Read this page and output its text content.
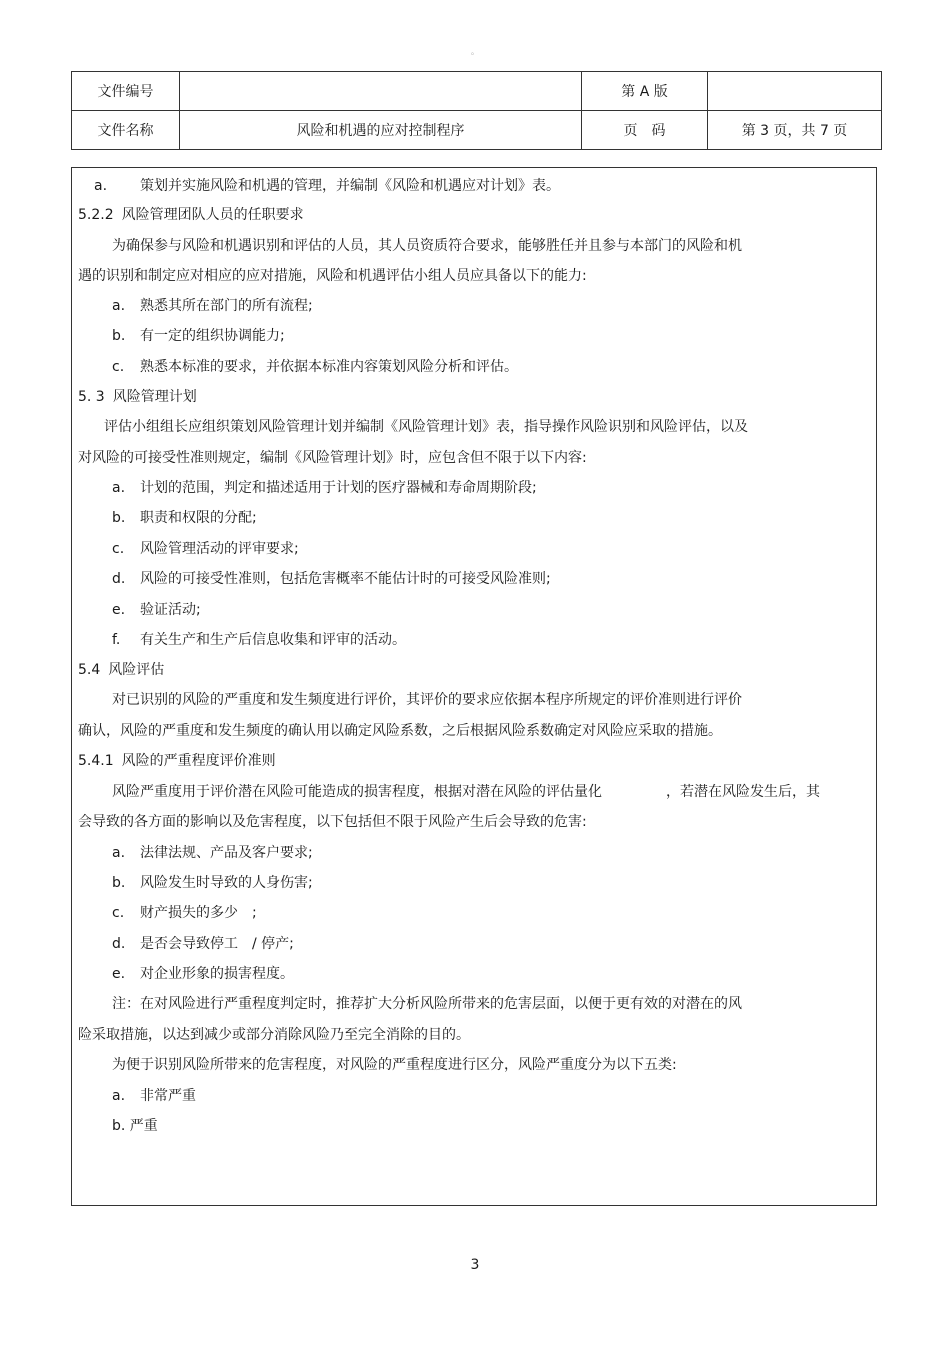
。
文件编号		第 A 版	
文件名称	风险和机遇的应对控制程序	页　码	第 3 页，共 7 页
a. 策划并实施风险和机遇的管理，并编制《风险和机遇应对计划》表。
5.2.2 风险管理团队人员的任职要求
为确保参与风险和机遇识别和评估的人员，其人员资质符合要求，能够胜任并且参与本部门的风险和机
遇的识别和制定应对相应的应对措施，风险和机遇评估小组人员应具备以下的能力:
a. 熟悉其所在部门的所有流程;
b. 有一定的组织协调能力;
c. 熟悉本标准的要求，并依据本标准内容策划风险分析和评估。
5. 3 风险管理计划
评估小组组长应组织策划风险管理计划并编制《风险管理计划》表，指导操作风险识别和风险评估，以及
对风险的可接受性准则规定，编制《风险管理计划》时，应包含但不限于以下内容:
a. 计划的范围，判定和描述适用于计划的医疗器械和寿命周期阶段;
b. 职责和权限的分配;
c. 风险管理活动的评审要求;
d. 风险的可接受性准则，包括危害概率不能估计时的可接受风险准则;
e. 验证活动;
f. 有关生产和生产后信息收集和评审的活动。
5.4 风险评估
对已识别的风险的严重度和发生频度进行评价，其评价的要求应依据本程序所规定的评价准则进行评价
确认，风险的严重度和发生频度的确认用以确定风险系数，之后根据风险系数确定对风险应采取的措施。
5.4.1 风险的严重程度评价准则
风险严重度用于评价潜在风险可能造成的损害程度，根据对潜在风险的评估量化	，若潜在风险发生后，其
会导致的各方面的影响以及危害程度，以下包括但不限于风险产生后会导致的危害:
a. 法律法规、产品及客户要求;
b. 风险发生时导致的人身伤害;
c. 财产损失的多少　;
d. 是否会导致停工　/ 停产;
e. 对企业形象的损害程度。
注：在对风险进行严重程度判定时，推荐扩大分析风险所带来的危害层面，以便于更有效的对潜在的风
险采取措施，以达到减少或部分消除风险乃至完全消除的目的。
为便于识别风险所带来的危害程度，对风险的严重程度进行区分，风险严重度分为以下五类:
a. 非常严重
b. 严重
3
